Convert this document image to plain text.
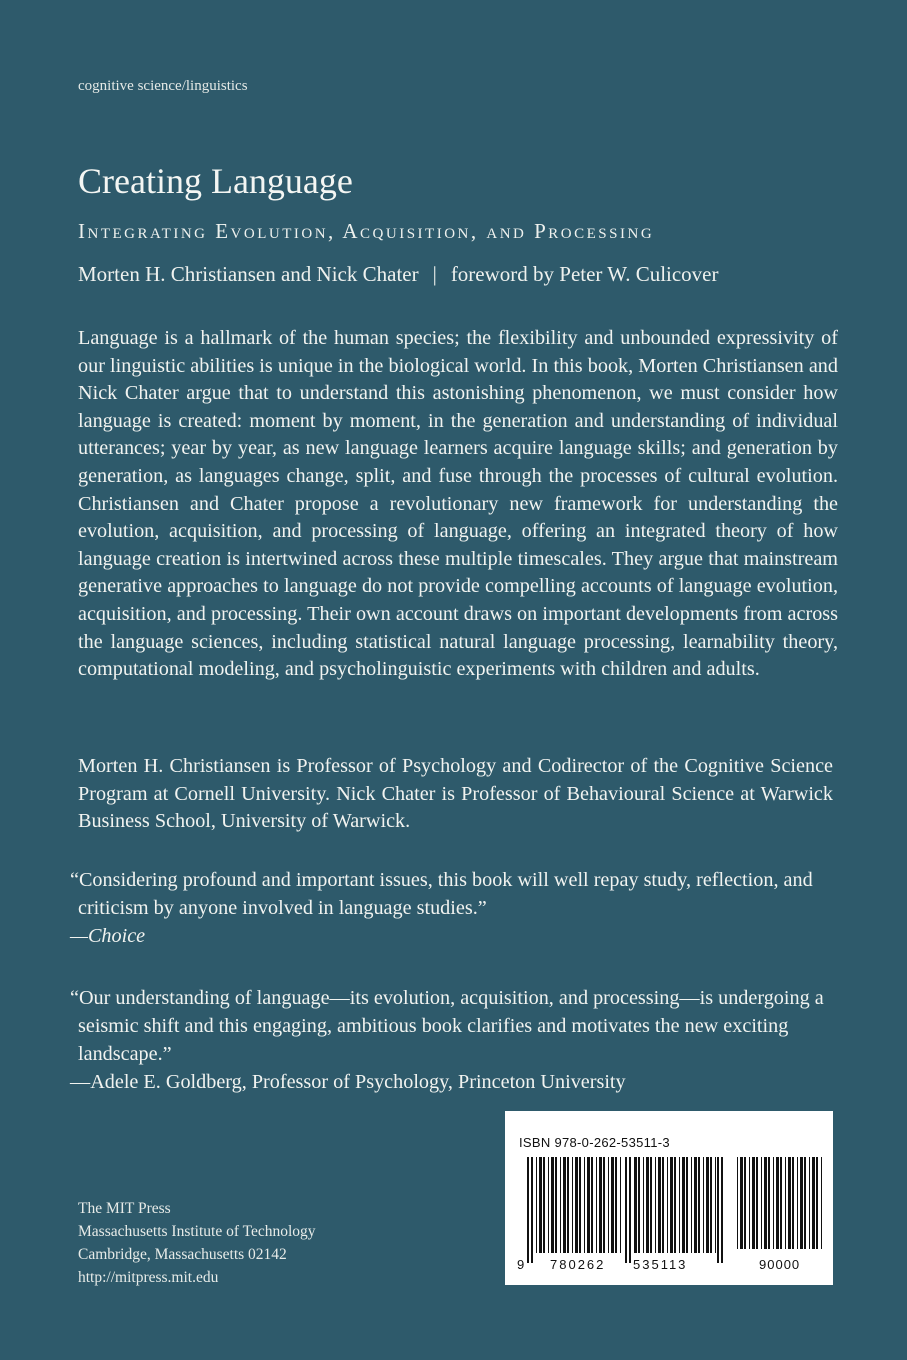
cognitive science/linguistics
Creating Language
Integrating Evolution, Acquisition, and Processing
Morten H. Christiansen and Nick Chater | foreword by Peter W. Culicover

Language is a hallmark of the human species; the flexibility and unbounded expressivity of our linguistic abilities is unique in the biological world. In this book, Morten Christiansen and Nick Chater argue that to understand this astonishing phenomenon, we must consider how language is created: moment by moment, in the generation and understanding of individual utterances; year by year, as new language learners acquire language skills; and generation by generation, as languages change, split, and fuse through the processes of cultural evolution. Christiansen and Chater propose a revolutionary new framework for understanding the evolution, acquisition, and processing of language, offering an integrated theory of how language creation is intertwined across these multiple timescales. They argue that mainstream generative approaches to language do not provide compelling accounts of language evolution, acquisition, and processing. Their own account draws on important developments from across the language sciences, including statistical natural language processing, learnability theory, computational modeling, and psycholinguistic experiments with children and adults.

Morten H. Christiansen is Professor of Psychology and Codirector of the Cognitive Science Program at Cornell University. Nick Chater is Professor of Behavioural Science at Warwick Business School, University of Warwick.

“Considering profound and important issues, this book will well repay study, reflection, and criticism by anyone involved in language studies.”
—Choice
“Our understanding of language—its evolution, acquisition, and processing—is undergoing a seismic shift and this engaging, ambitious book clarifies and motivates the new exciting landscape.”
—Adele E. Goldberg, Professor of Psychology, Princeton University
The MIT Press
Massachusetts Institute of Technology
Cambridge, Massachusetts 02142
http://mitpress.mit.edu
ISBN 978-0-262-53511-3
9 780262 535113	90000
